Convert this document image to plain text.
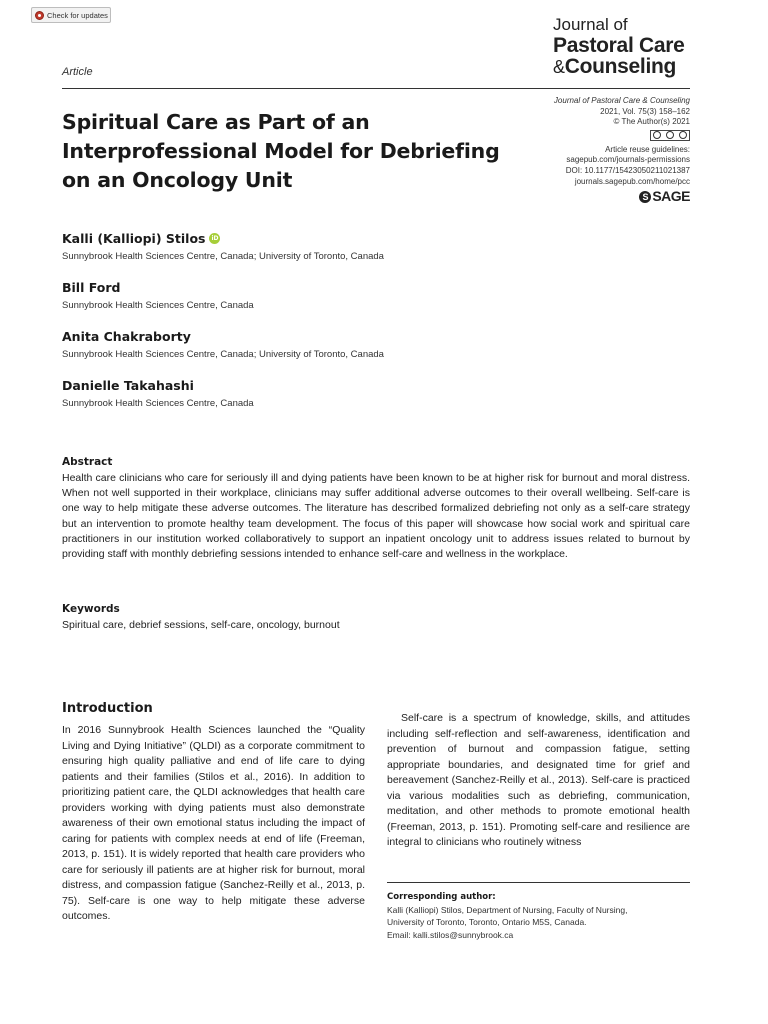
Check for updates	Journal of
Pastoral Care
&Counseling
Article
Spiritual Care as Part of an Interprofessional Model for Debriefing on an Oncology Unit
Journal of Pastoral Care & Counseling
2021, Vol. 75(3) 158–162
© The Author(s) 2021
Article reuse guidelines:
sagepub.com/journals-permissions
DOI: 10.1177/15423050211021387
journals.sagepub.com/home/pcc
S SAGE
Kalli (Kalliopi) Stilos iD
Sunnybrook Health Sciences Centre, Canada; University of Toronto, Canada
Bill Ford
Sunnybrook Health Sciences Centre, Canada
Anita Chakraborty
Sunnybrook Health Sciences Centre, Canada; University of Toronto, Canada
Danielle Takahashi
Sunnybrook Health Sciences Centre, Canada
Abstract

Health care clinicians who care for seriously ill and dying patients have been known to be at higher risk for burnout and moral distress. When not well supported in their workplace, clinicians may suffer additional adverse outcomes to their overall wellbeing. Self-care is one way to help mitigate these adverse outcomes. The literature has described formalized debriefing not only as a self-care strategy but an intervention to promote healthy team development. The focus of this paper will showcase how social work and spiritual care practitioners in our institution worked collaboratively to support an inpatient oncology unit to address issues related to burnout by providing staff with monthly debriefing sessions intended to enhance self-care and wellness in the workplace.

Keywords
Spiritual care, debrief sessions, self-care, oncology, burnout
Introduction

In 2016 Sunnybrook Health Sciences launched the “Quality Living and Dying Initiative” (QLDI) as a corporate commitment to ensuring high quality palliative and end of life care to dying patients and their families (Stilos et al., 2016). In addition to prioritizing patient care, the QLDI acknowledges that health care providers working with dying patients must also demonstrate awareness of their own emotional status including the impact of caring for patients with complex needs at end of life (Freeman, 2013, p. 151). It is widely reported that health care providers who care for seriously ill patients are at higher risk for burnout, moral distress, and compassion fatigue (Sanchez-Reilly et al., 2013, p. 75). Self-care is one way to help mitigate these adverse outcomes.

Self-care is a spectrum of knowledge, skills, and attitudes including self-reflection and self-awareness, identification and prevention of burnout and compassion fatigue, setting appropriate boundaries, and designated time for grief and bereavement (Sanchez-Reilly et al., 2013). Self-care is practiced via various modalities such as debriefing, communication, meditation, and other methods to promote emotional health (Freeman, 2013, p. 151). Promoting self-care and resilience are integral to clinicians who routinely witness

Corresponding author:
Kalli (Kalliopi) Stilos, Department of Nursing, Faculty of Nursing,
University of Toronto, Toronto, Ontario M5S, Canada.
Email: kalli.stilos@sunnybrook.ca
